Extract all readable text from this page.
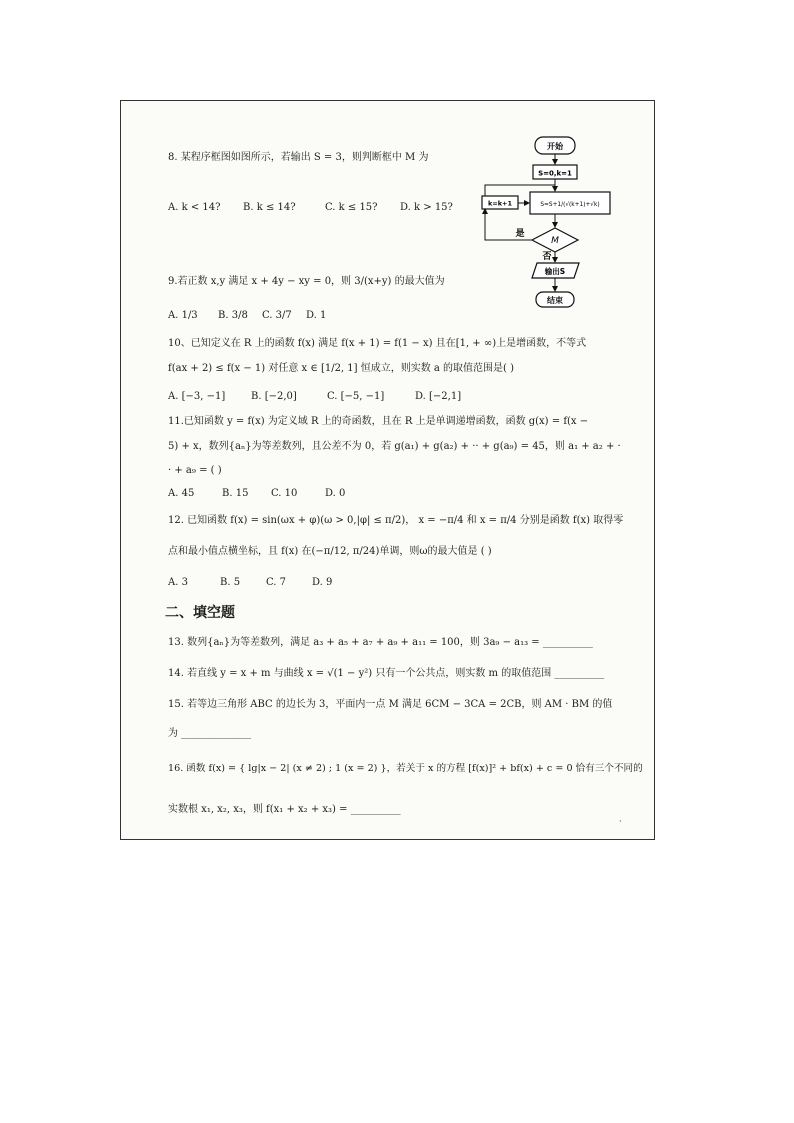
8. 某程序框图如图所示，若输出 S = 3，则判断框中 M 为
A. k < 14? B. k ≤ 14?	C. k ≤ 15? D. k > 15?
开始
S=0,k=1
S=S+1/(√(k+1)+√k)
k=k+1
M
是
否
输出S
结束
9.若正数 x,y 满足 x + 4y − xy = 0，则 3/(x+y) 的最大值为
A. 1/3 B. 3/8 C. 3/7 D. 1
10、已知定义在 R 上的函数 f(x) 满足 f(x + 1) = f(1 − x) 且在[1, + ∞)上是增函数，不等式
f(ax + 2) ≤ f(x − 1) 对任意 x ∈ [1/2, 1] 恒成立，则实数 a 的取值范围是( )
A. [−3, −1]	B. [−2,0]	C. [−5, −1]	D. [−2,1]
11.已知函数 y = f(x) 为定义域 R 上的奇函数，且在 R 上是单调递增函数，函数 g(x) = f(x −
5) + x，数列{aₙ}为等差数列，且公差不为 0，若 g(a₁) + g(a₂) + ·· + g(a₉) = 45，则 a₁ + a₂ + ·
· + a₉ = ( )
A. 45	B. 15 C. 10	D. 0
12. 已知函数 f(x) = sin(ωx + φ)(ω > 0,|φ| ≤ π/2)， x = −π/4 和 x = π/4 分别是函数 f(x) 取得零
点和最小值点横坐标，且 f(x) 在(−π/12, π/24)单调，则ω的最大值是 ( )
A. 3	B. 5	C. 7	D. 9
二、填空题
13. 数列{aₙ}为等差数列，满足 a₃ + a₅ + a₇ + a₉ + a₁₁ = 100，则 3a₉ − a₁₃ = __________
14. 若直线 y = x + m 与曲线 x = √(1 − y²) 只有一个公共点，则实数 m 的取值范围 __________
15. 若等边三角形 ABC 的边长为 3，平面内一点 M 满足 6CM − 3CA = 2CB，则 AM · BM 的值
为 ______________
16. 函数 f(x) = { lg|x − 2| (x ≠ 2) ; 1 (x = 2) }，若关于 x 的方程 [f(x)]² + bf(x) + c = 0 恰有三个不同的
实数根 x₁, x₂, x₃，则 f(x₁ + x₂ + x₃) = __________
·
